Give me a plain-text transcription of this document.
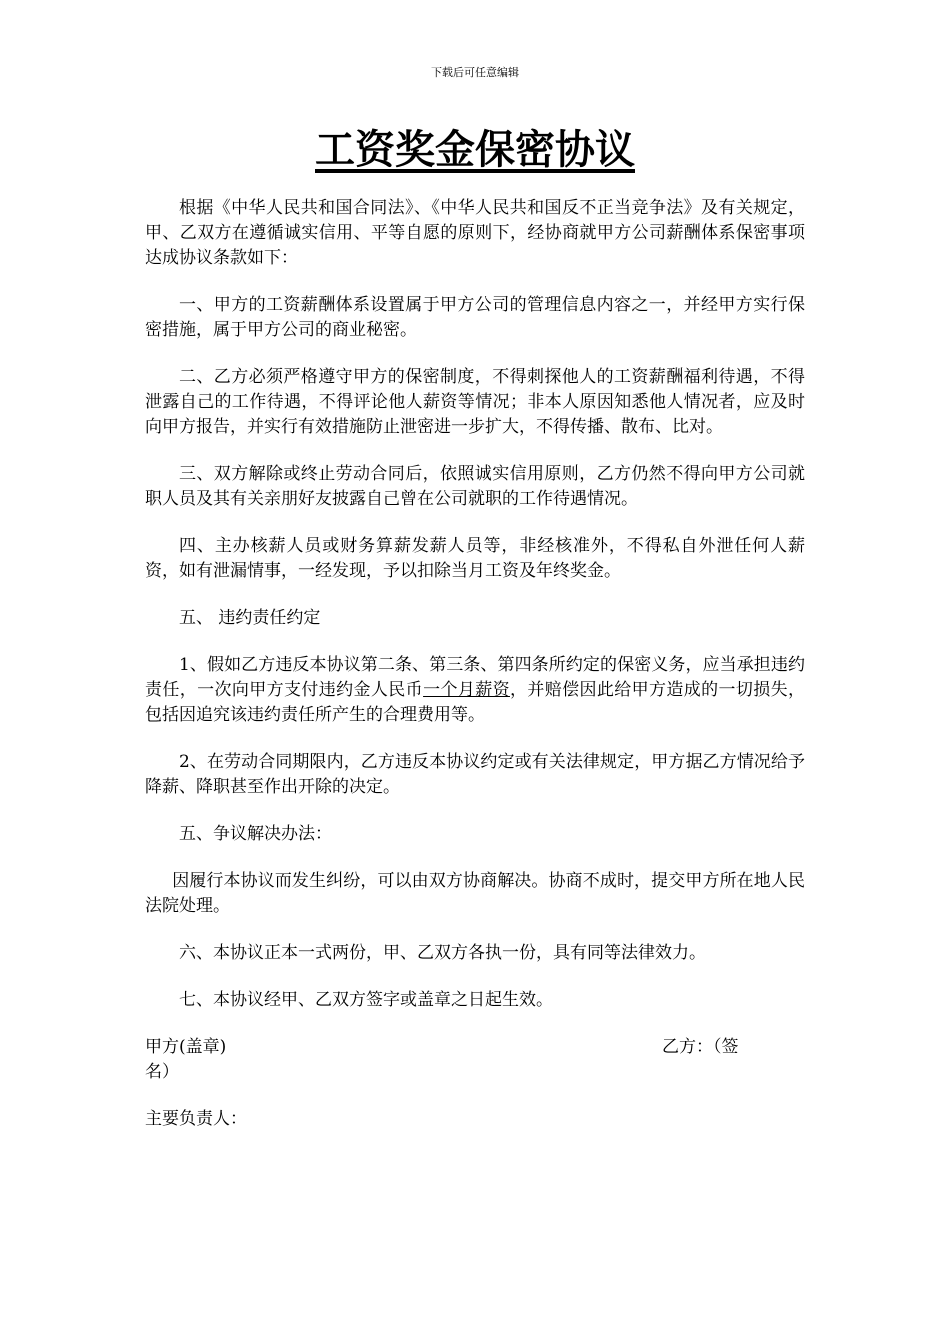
下载后可任意编辑
工资奖金保密协议

根据《中华人民共和国合同法》、《中华人民共和国反不正当竞争法》及有关规定，甲、乙双方在遵循诚实信用、平等自愿的原则下，经协商就甲方公司薪酬体系保密事项达成协议条款如下：

一、甲方的工资薪酬体系设置属于甲方公司的管理信息内容之一，并经甲方实行保密措施，属于甲方公司的商业秘密。

二、乙方必须严格遵守甲方的保密制度，不得刺探他人的工资薪酬福利待遇，不得泄露自己的工作待遇，不得评论他人薪资等情况；非本人原因知悉他人情况者，应及时向甲方报告，并实行有效措施防止泄密进一步扩大，不得传播、散布、比对。

三、双方解除或终止劳动合同后，依照诚实信用原则，乙方仍然不得向甲方公司就职人员及其有关亲朋好友披露自己曾在公司就职的工作待遇情况。

四、主办核薪人员或财务算薪发薪人员等，非经核准外，不得私自外泄任何人薪资，如有泄漏情事，一经发现，予以扣除当月工资及年终奖金。

五、 违约责任约定

1、假如乙方违反本协议第二条、第三条、第四条所约定的保密义务，应当承担违约责任，一次向甲方支付违约金人民币一个月薪资，并赔偿因此给甲方造成的一切损失，包括因追究该违约责任所产生的合理费用等。

2、在劳动合同期限内，乙方违反本协议约定或有关法律规定，甲方据乙方情况给予降薪、降职甚至作出开除的决定。

五、争议解决办法：

因履行本协议而发生纠纷，可以由双方协商解决。协商不成时，提交甲方所在地人民法院处理。

六、本协议正本一式两份，甲、乙双方各执一份，具有同等法律效力。

七、本协议经甲、乙双方签字或盖章之日起生效。

甲方(盖章)	乙方：（签
名）

主要负责人：
